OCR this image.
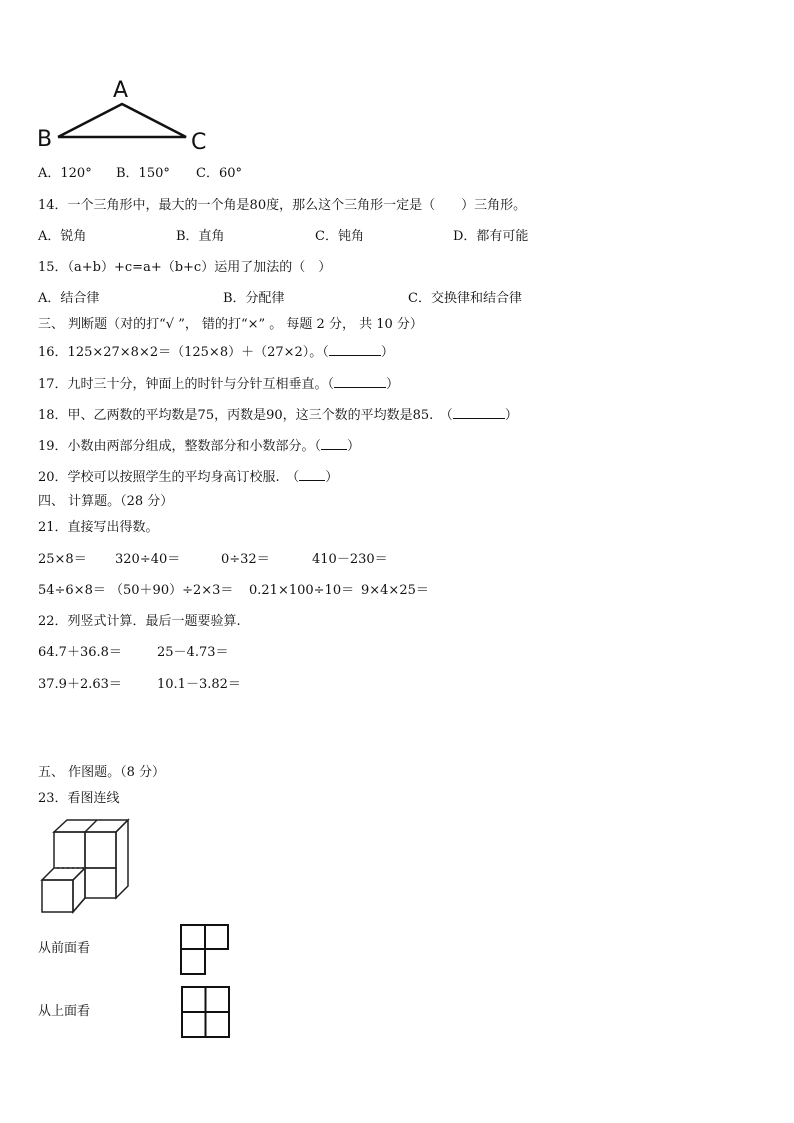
A
B	C
A．120° B．150° C．60°
14．一个三角形中，最大的一个角是80度，那么这个三角形一定是（　　）三角形。
A．锐角	B．直角	C．钝角	D．都有可能
15．（a+b）+c=a+（b+c）运用了加法的（　）
A．结合律	B．分配律	C．交换律和结合律
三、 判断题（对的打“√ ”， 错的打“×” 。 每题 2 分， 共 10 分）
16．125×27×8×2＝（125×8）＋（27×2）。（	）
17．九时三十分，钟面上的时针与分针互相垂直。（	）
18．甲、乙两数的平均数是75，丙数是90，这三个数的平均数是85.　（	）
19．小数由两部分组成，整数部分和小数部分。（ ）
20．学校可以按照学生的平均身高订校服.　（ ）
四、 计算题。（28 分）
21．直接写出得数。
25×8＝ 320÷40＝	0÷32＝	410－230＝
54÷6×8＝ （50＋90）÷2×3＝ 0.21×100÷10＝ 9×4×25＝
22．列竖式计算．最后一题要验算.
64.7＋36.8＝	25－4.73＝
37.9＋2.63＝	10.1－3.82＝
五、 作图题。（8 分）
23．看图连线
从前面看
从上面看
